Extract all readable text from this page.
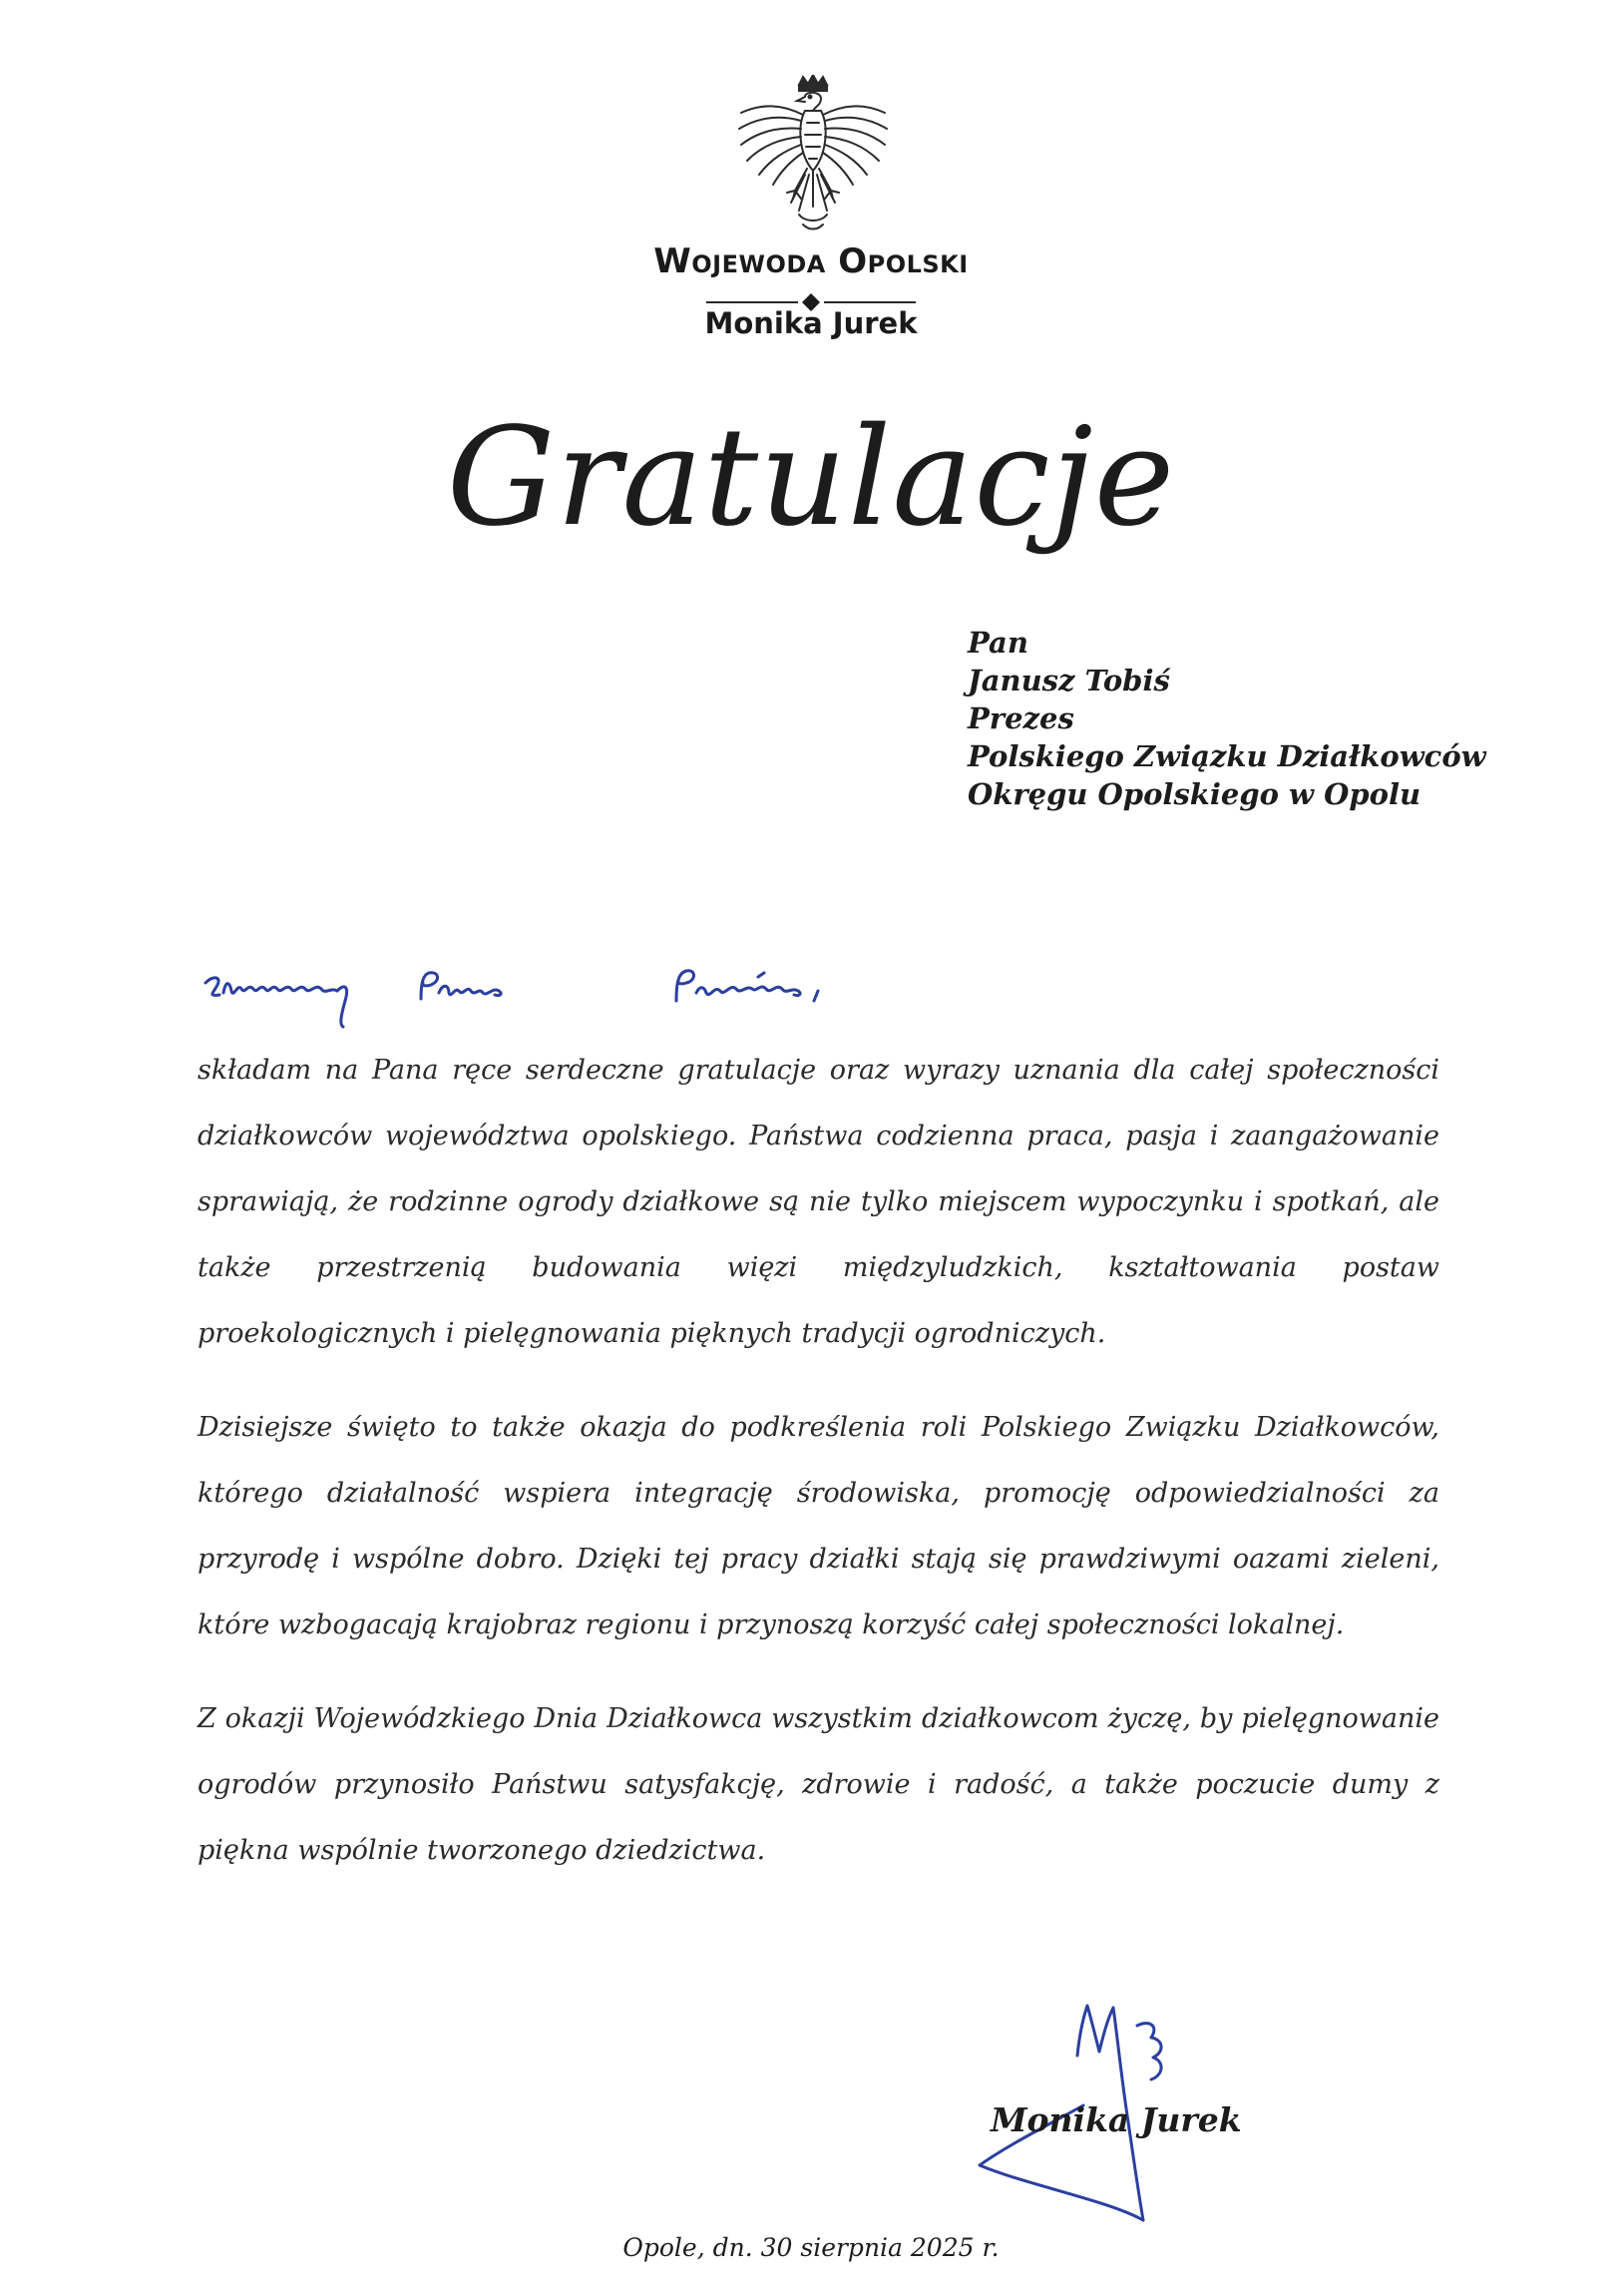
Wojewoda Opolski
Monika Jurek
Gratulacje
Pan
Janusz Tobiś
Prezes
Polskiego Związku Działkowców
Okręgu Opolskiego w Opolu

składam na Pana ręce serdeczne gratulacje oraz wyrazy uznania dla całej społeczności działkowców województwa opolskiego. Państwa codzienna praca, pasja i zaangażowanie sprawiają, że rodzinne ogrody działkowe są nie tylko miejscem wypoczynku i spotkań, ale także przestrzenią budowania więzi międzyludzkich, kształtowania postaw proekologicznych i pielęgnowania pięknych tradycji ogrodniczych.

Dzisiejsze święto to także okazja do podkreślenia roli Polskiego Związku Działkowców, którego działalność wspiera integrację środowiska, promocję odpowiedzialności za przyrodę i wspólne dobro. Dzięki tej pracy działki stają się prawdziwymi oazami zieleni, które wzbogacają krajobraz regionu i przynoszą korzyść całej społeczności lokalnej.

Z okazji Wojewódzkiego Dnia Działkowca wszystkim działkowcom życzę, by pielęgnowanie ogrodów przynosiło Państwu satysfakcję, zdrowie i radość, a także poczucie dumy z piękna wspólnie tworzonego dziedzictwa.

Monika Jurek
Opole, dn. 30 sierpnia 2025 r.
